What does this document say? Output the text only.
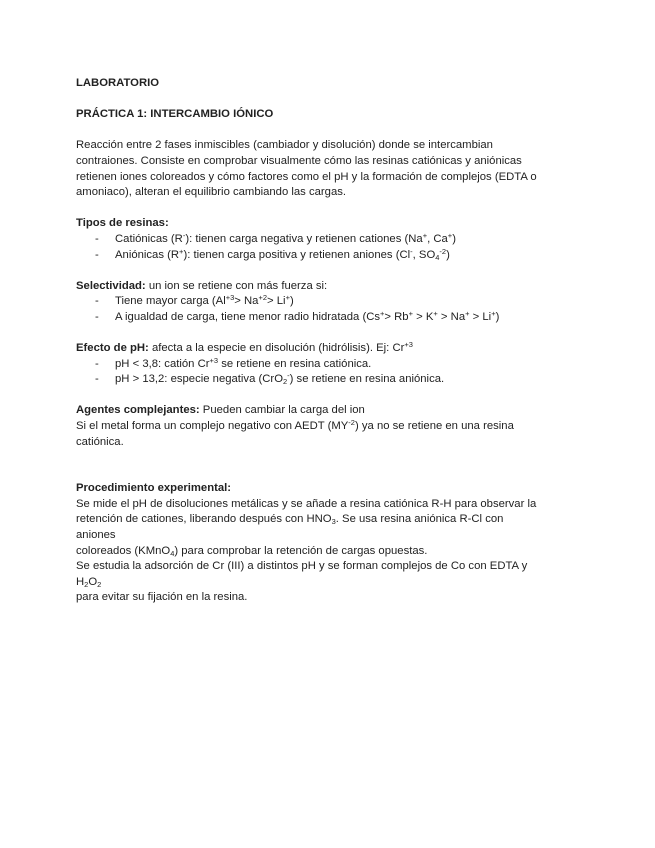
LABORATORIO

PRÁCTICA 1: INTERCAMBIO IÓNICO

Reacción entre 2 fases inmiscibles (cambiador y disolución) donde se intercambian

contraiones. Consiste en comprobar visualmente cómo las resinas catiónicas y aniónicas

retienen iones coloreados y cómo factores como el pH y la formación de complejos (EDTA o

amoniaco), alteran el equilibrio cambiando las cargas.

Tipos de resinas:

- Catiónicas (R-): tienen carga negativa y retienen cationes (Na+, Ca+)
- Aniónicas (R+): tienen carga positiva y retienen aniones (Cl-, $SO_4^{-2}$)

Selectividad: un ion se retiene con más fuerza si:

- Tiene mayor carga $(Al^{+3}> Na^{+2}> Li^+)$
- A igualdad de carga, tiene menor radio hidratada (Cs+> Rb+ > K+ > Na+ > Li+)

Efecto de pH: afecta a la especie en disolución (hidrólisis). Ej: $Cr^{+3}$

- pH < 3,8: catión $Cr^{+3}$ se retiene en resina catiónica.
- pH > 13,2: especie negativa (CrO$_2$-) se retiene en resina aniónica.

Agentes complejantes: Pueden cambiar la carga del ion

Si el metal forma un complejo negativo con AEDT $(MY^{-2})$ ya no se retiene en una resina

catiónica.

Procedimiento experimental:

Se mide el pH de disoluciones metálicas y se añade a resina catiónica R-H para observar la

retención de cationes, liberando después con $HNO_3$. Se usa resina aniónica R-Cl con aniones

coloreados (KMnO$_4$) para comprobar la retención de cargas opuestas.

Se estudia la adsorción de Cr (III) a distintos pH y se forman complejos de Co con EDTA y $H_2O_2$

para evitar su fijación en la resina.
